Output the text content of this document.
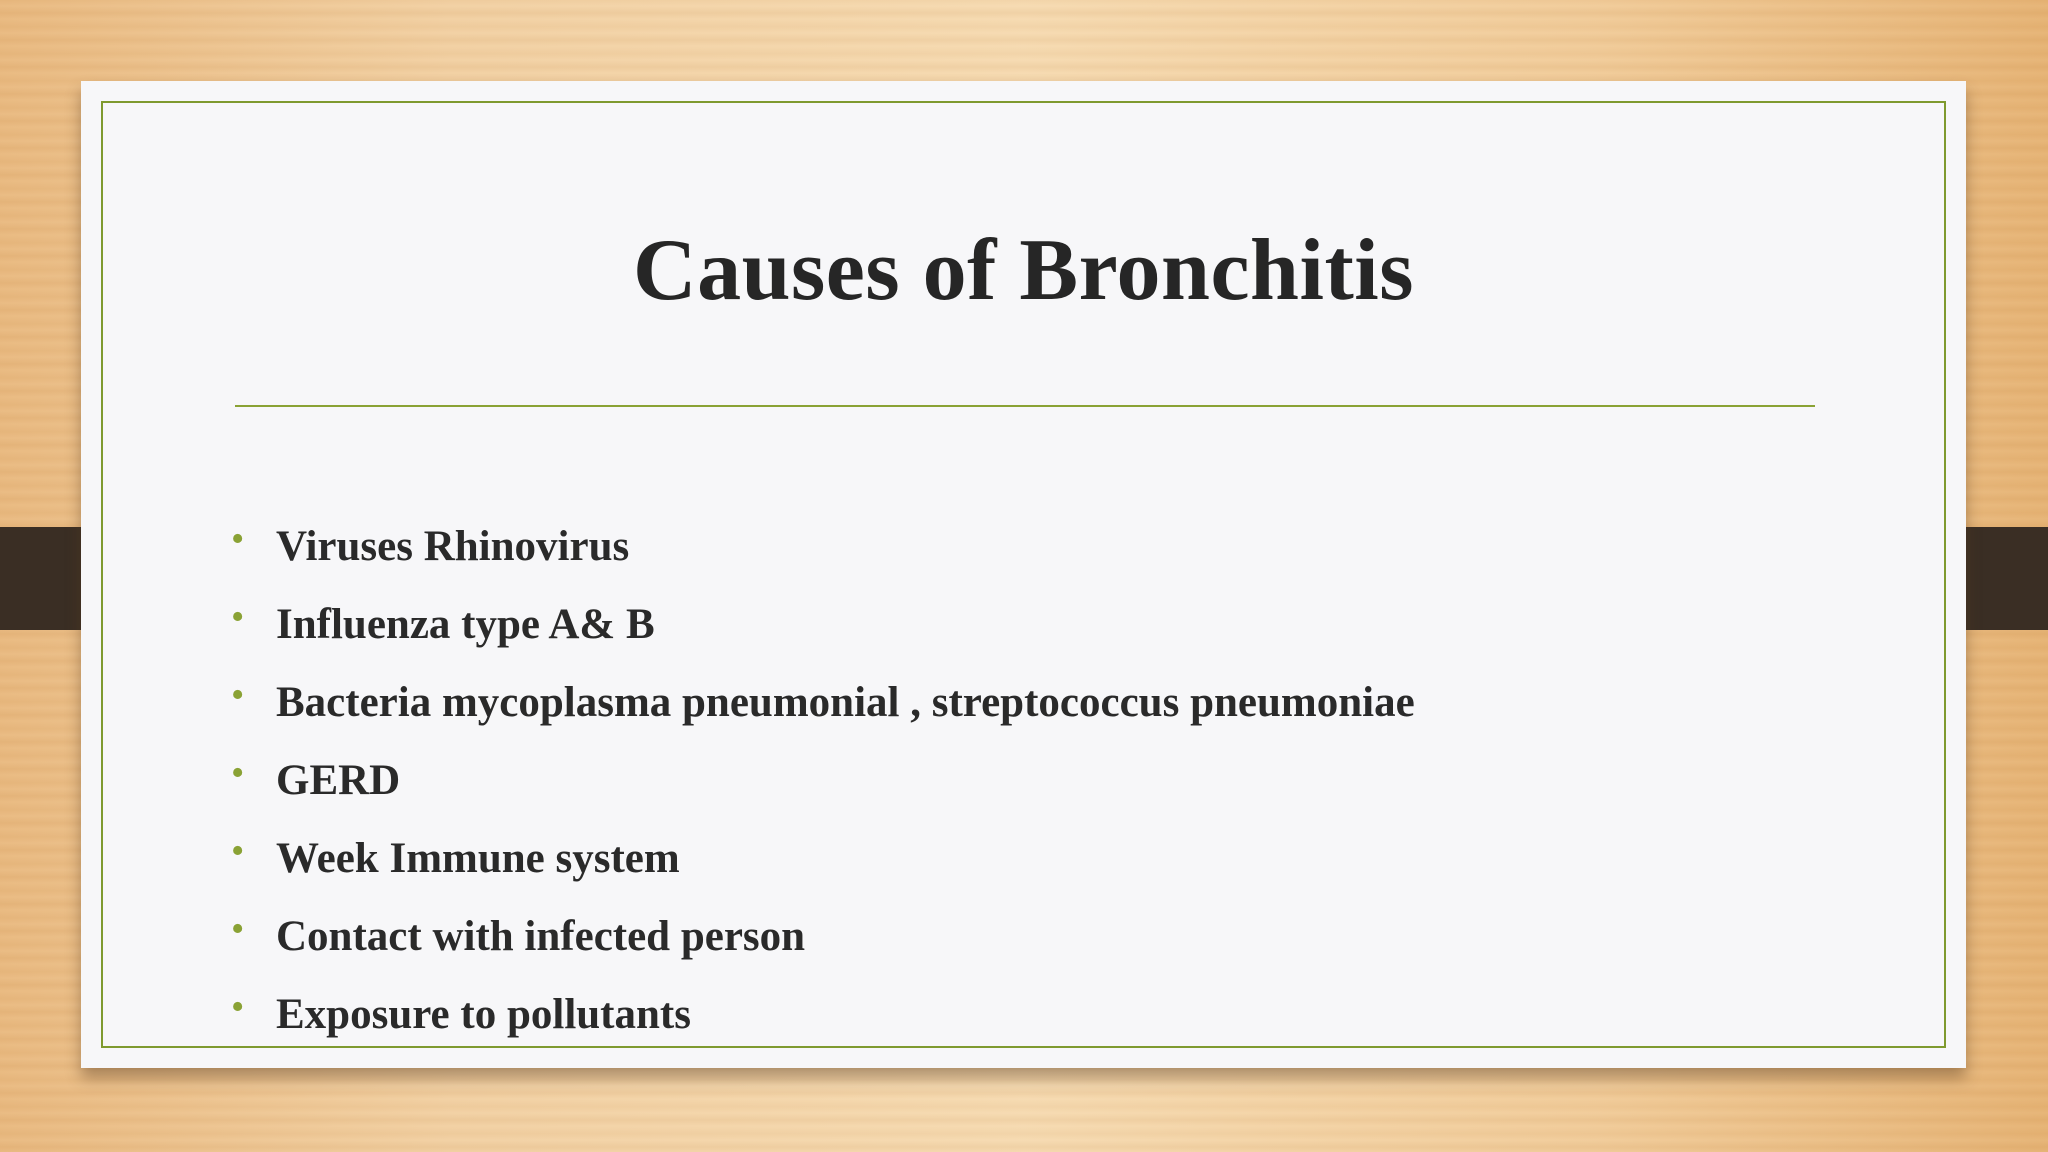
Causes of Bronchitis
• Viruses Rhinovirus
• Influenza type A& B
• Bacteria mycoplasma pneumonial , streptococcus pneumoniae
• GERD
• Week Immune system
• Contact with infected person
• Exposure to pollutants
